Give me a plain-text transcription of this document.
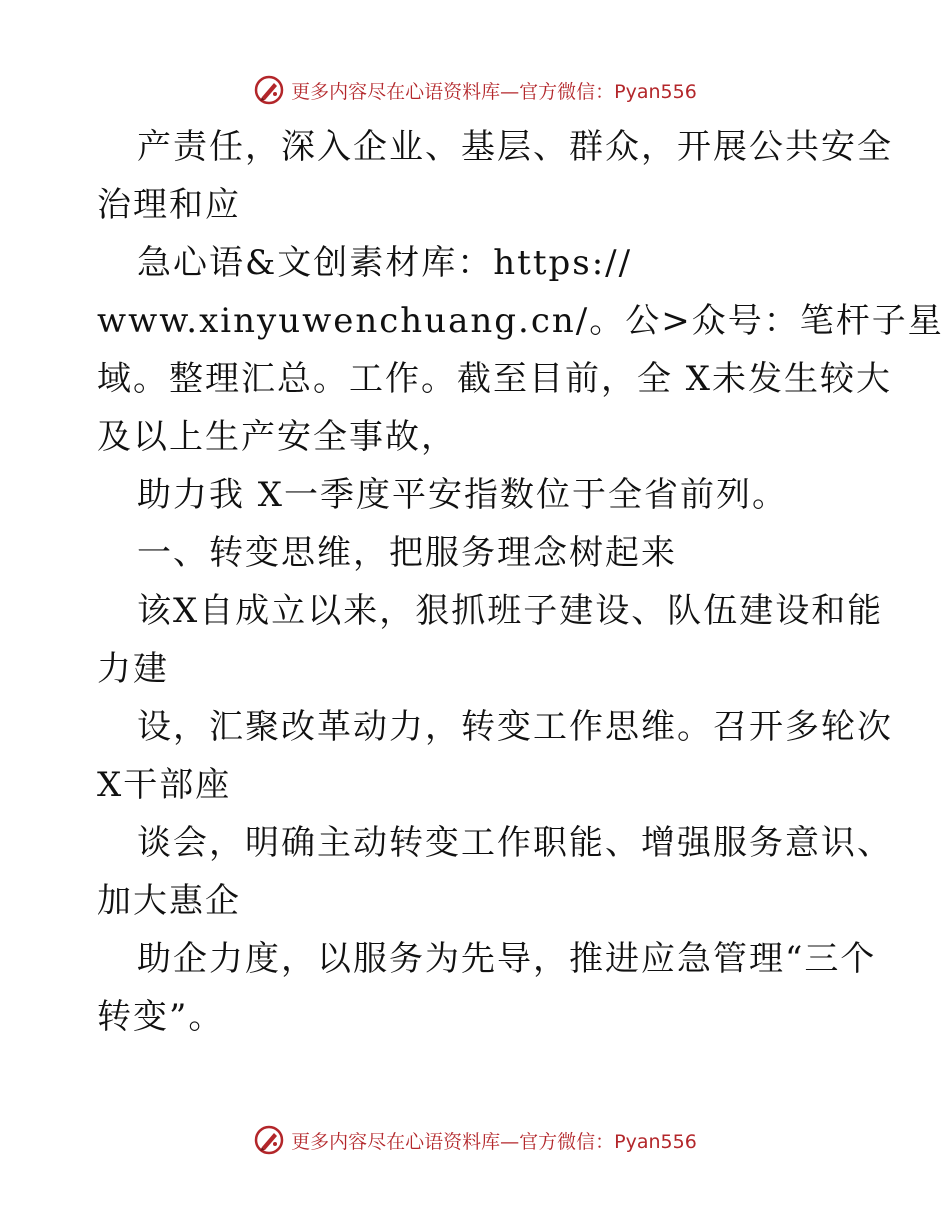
更多内容尽在心语资料库—官方微信：Pyan556
产责任，深入企业、基层、群众，开展公共安全
治理和应
急心语&文创素材库：https://
www.xinyuwenchuang.cn/。公>众号：笔杆子星
域。整理汇总。工作。截至目前，全 X未发生较大
及以上生产安全事故，
助力我 X一季度平安指数位于全省前列。
一、转变思维，把服务理念树起来
该X自成立以来，狠抓班子建设、队伍建设和能
力建
设，汇聚改革动力，转变工作思维。召开多轮次
X干部座
谈会，明确主动转变工作职能、增强服务意识、
加大惠企
助企力度，以服务为先导，推进应急管理“三个
转变”。
更多内容尽在心语资料库—官方微信：Pyan556
